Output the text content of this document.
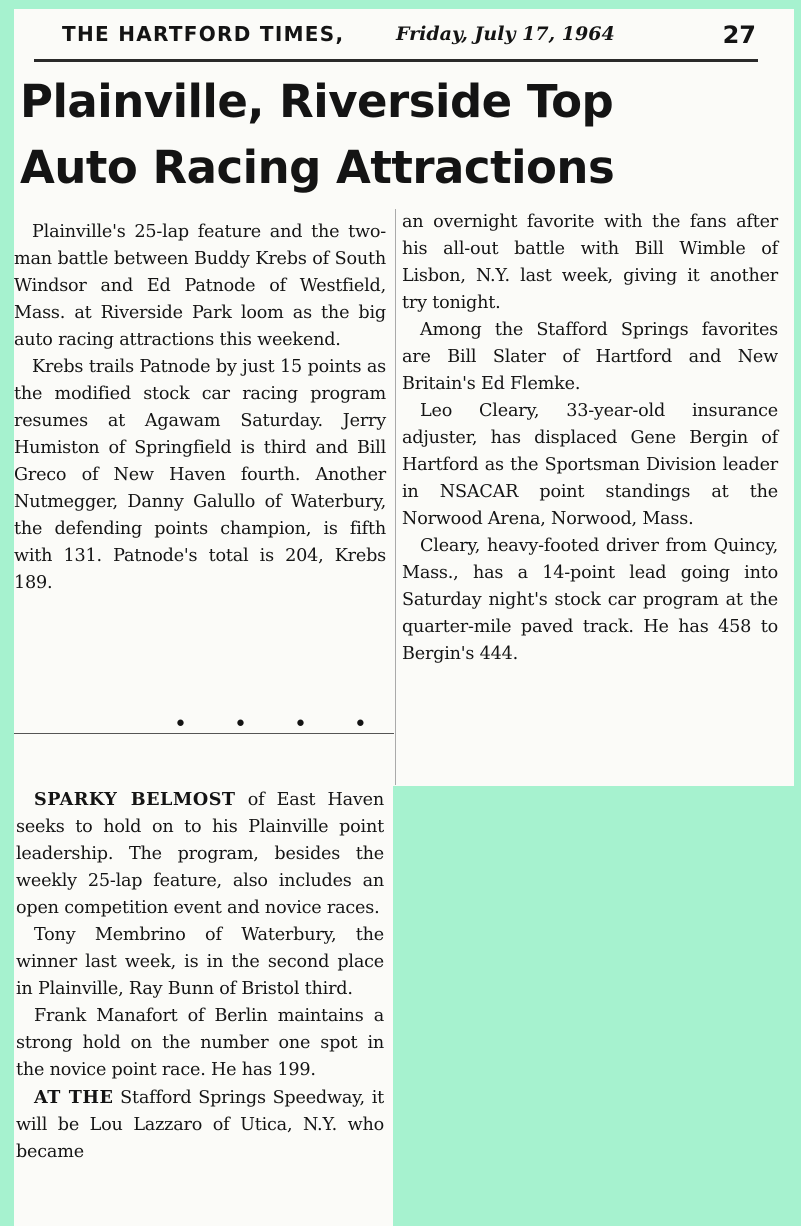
THE HARTFORD TIMES,	Friday, July 17, 1964	27
Plainville, Riverside Top
Auto Racing Attractions

Plainville's 25-lap feature and the two-man battle between Buddy Krebs of South Windsor and Ed Patnode of Westfield, Mass. at Riverside Park loom as the big auto racing attractions this weekend.

Krebs trails Patnode by just 15 points as the modified stock car racing program resumes at Agawam Saturday. Jerry Humiston of Springfield is third and Bill Greco of New Haven fourth. Another Nutmegger, Danny Galullo of Waterbury, the defending points champion, is fifth with 131. Patnode's total is 204, Krebs 189.

• • • •

an overnight favorite with the fans after his all-out battle with Bill Wimble of Lisbon, N.Y. last week, giving it another try tonight.

Among the Stafford Springs favorites are Bill Slater of Hartford and New Britain's Ed Flemke.

Leo Cleary, 33-year-old insurance adjuster, has displaced Gene Bergin of Hartford as the Sportsman Division leader in NSACAR point standings at the Norwood Arena, Norwood, Mass.

Cleary, heavy-footed driver from Quincy, Mass., has a 14-point lead going into Saturday night's stock car program at the quarter-mile paved track. He has 458 to Bergin's 444.

SPARKY BELMOST of East Haven seeks to hold on to his Plainville point leadership. The program, besides the weekly 25-lap feature, also includes an open competition event and novice races.

Tony Membrino of Waterbury, the winner last week, is in the second place in Plainville, Ray Bunn of Bristol third.

Frank Manafort of Berlin maintains a strong hold on the number one spot in the novice point race. He has 199.

AT THE Stafford Springs Speedway, it will be Lou Lazzaro of Utica, N.Y. who became
